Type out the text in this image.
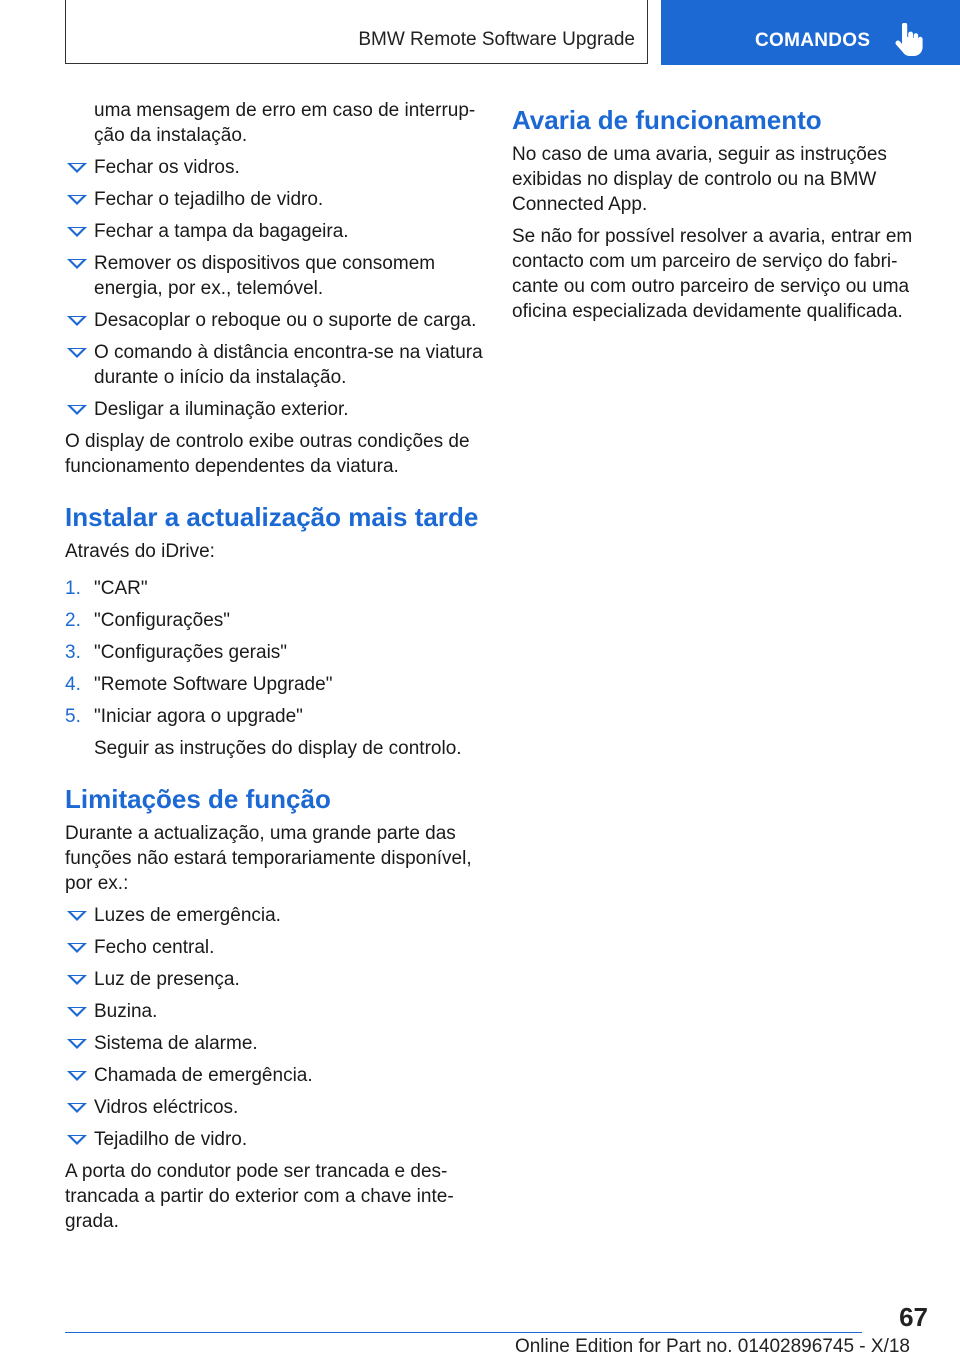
BMW Remote Software Upgrade	COMANDOS

uma mensagem de erro em caso de interrup ção da instalação.

Fechar os vidros.
Fechar o tejadilho de vidro.
Fechar a tampa da bagageira.
Remover os dispositivos que consomem energia, por ex., telemóvel.
Desacoplar o reboque ou o suporte de carga.
O comando à distância encontra-se na viatura durante o início da instalação.
Desligar a iluminação exterior.

O display de controlo exibe outras condições de funcionamento dependentes da viatura.

Instalar a actualização mais tarde

Através do iDrive:

1. "CAR"
2. "Configurações"
3. "Configurações gerais"
4. "Remote Software Upgrade"
5. "Iniciar agora o upgrade"

Seguir as instruções do display de controlo.

Limitações de função

Durante a actualização, uma grande parte das funções não estará temporariamente disponível, por ex.:

Luzes de emergência.
Fecho central.
Luz de presença.
Buzina.
Sistema de alarme.
Chamada de emergência.
Vidros eléctricos.
Tejadilho de vidro.

A porta do condutor pode ser trancada e destrancada a partir do exterior com a chave integrada.

Avaria de funcionamento

No caso de uma avaria, seguir as instruções exibidas no display de controlo ou na BMW Connected App.

Se não for possível resolver a avaria, entrar em contacto com um parceiro de serviço do fabricante ou com outro parceiro de serviço ou uma oficina especializada devidamente qualificada.

67
Online Edition for Part no. 01402896745 - X/18
